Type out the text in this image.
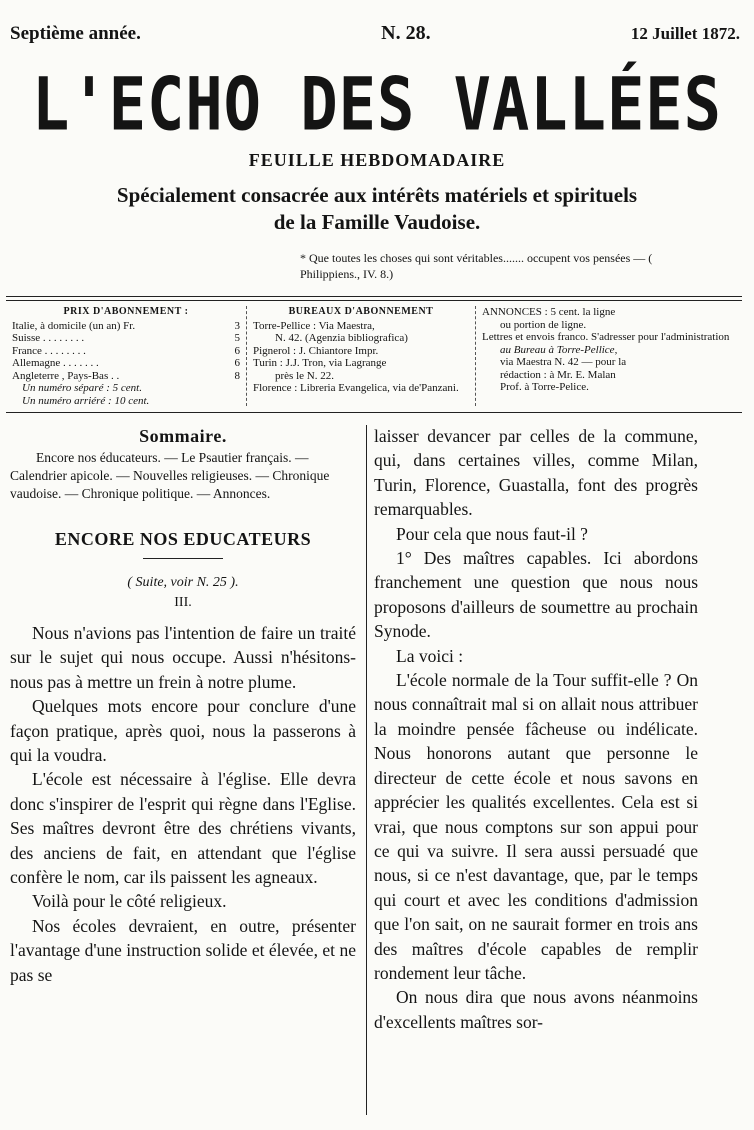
Septième année.	N. 28.	12 Juillet 1872.
L'ECHO DES VALLÉES
FEUILLE HEBDOMADAIRE
Spécialement consacrée aux intérêts matériels et spirituels
de la Famille Vaudoise.
* Que toutes les choses qui sont véritables....... occupent vos pensées — ( Philippiens., IV. 8.)
PRIX D'ABONNEMENT :
Italie, à domicile (un an) Fr.	3
Suisse . . . . . . . .	5
France . . . . . . . .	6
Allemagne . . . . . . .	6
Angleterre , Pays-Bas . .	8
Un numéro séparé : 5 cent.
Un numéro arriéré : 10 cent.
BUREAUX D'ABONNEMENT
Torre-Pellice : Via Maestra,
N. 42. (Agenzia bibliografica)
Pignerol : J. Chiantore Impr.
Turin : J.J. Tron, via Lagrange
près le N. 22.
Florence : Libreria Evangelica, via de'Panzani.
ANNONCES : 5 cent. la ligne
ou portion de ligne.
Lettres et envois franco. S'adresser pour l'administration
au Bureau à Torre-Pellice,
via Maestra N. 42 — pour la
rédaction : à Mr. E. Malan
Prof. à Torre-Pelice.
Sommaire.

Encore nos éducateurs. — Le Psautier français. — Calendrier apicole. — Nouvelles religieuses. — Chronique vaudoise. — Chronique politique. — Annonces.

ENCORE NOS EDUCATEURS
( Suite, voir N. 25 ).
III.

Nous n'avions pas l'intention de faire un traité sur le sujet qui nous occupe. Aussi n'hésitons-nous pas à mettre un frein à notre plume.

Quelques mots encore pour conclure d'une façon pratique, après quoi, nous la passerons à qui la voudra.

L'école est nécessaire à l'église. Elle devra donc s'inspirer de l'esprit qui règne dans l'Eglise. Ses maîtres devront être des chrétiens vivants, des anciens de fait, en attendant que l'église confère le nom, car ils paissent les agneaux.

Voilà pour le côté religieux.

Nos écoles devraient, en outre, présenter l'avantage d'une instruction solide et élevée, et ne pas se

laisser devancer par celles de la commune, qui, dans certaines villes, comme Milan, Turin, Florence, Guastalla, font des progrès remarquables.

Pour cela que nous faut-il ?

1° Des maîtres capables. Ici abordons franchement une question que nous nous proposons d'ailleurs de soumettre au prochain Synode.

La voici :

L'école normale de la Tour suffit-elle ? On nous connaîtrait mal si on allait nous attribuer la moindre pensée fâcheuse ou indélicate. Nous honorons autant que personne le directeur de cette école et nous savons en apprécier les qualités excellentes. Cela est si vrai, que nous comptons sur son appui pour ce qui va suivre. Il sera aussi persuadé que nous, si ce n'est davantage, que, par le temps qui court et avec les conditions d'admission que l'on sait, on ne saurait former en trois ans des maîtres d'école capables de remplir rondement leur tâche.

On nous dira que nous avons néanmoins d'excellents maîtres sor-
